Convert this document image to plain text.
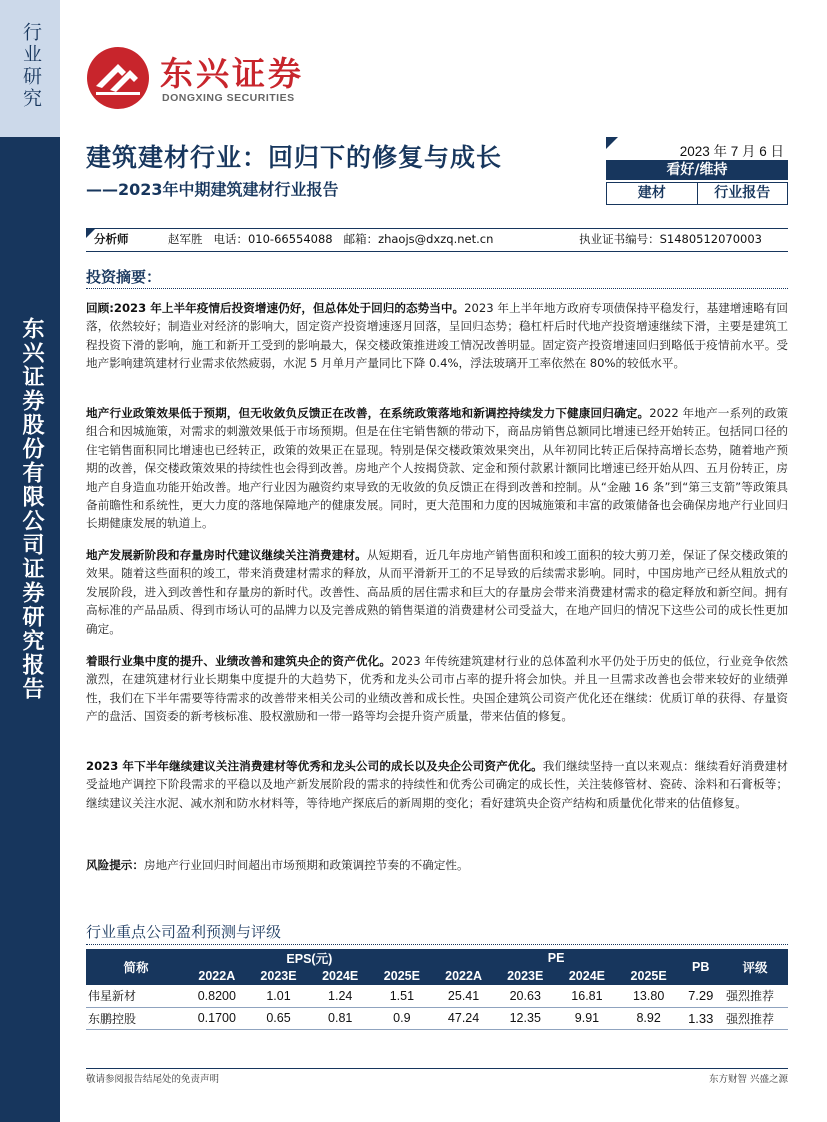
行业研究
东兴证券股份有限公司证券研究报告
东兴证券
DONGXING SECURITIES
建筑建材行业：回归下的修复与成长
——2023年中期建筑建材行业报告
2023 年 7 月 6 日
看好/维持
建材	行业报告
分析师	赵军胜   电话：010-66554088   邮箱：zhaojs@dxzq.net.cn	执业证书编号：S1480512070003
投资摘要：
回顾:2023 年上半年疫情后投资增速仍好，但总体处于回归的态势当中。2023 年上半年地方政府专项债保持平稳发行，基建增速略有回落，依然较好；制造业对经济的影响大，固定资产投资增速逐月回落，呈回归态势；稳杠杆后时代地产投资增速继续下滑，主要是建筑工程投资下滑的影响，施工和新开工受到的影响最大，保交楼政策推进竣工情况改善明显。固定资产投资增速回归到略低于疫情前水平。受地产影响建筑建材行业需求依然疲弱，水泥 5 月单月产量同比下降 0.4%，浮法玻璃开工率依然在 80%的较低水平。
地产行业政策效果低于预期，但无收敛负反馈正在改善，在系统政策落地和新调控持续发力下健康回归确定。2022 年地产一系列的政策组合和因城施策，对需求的刺激效果低于市场预期。但是在住宅销售额的带动下，商品房销售总额同比增速已经开始转正。包括同口径的住宅销售面积同比增速也已经转正，政策的效果正在显现。特别是保交楼政策效果突出，从年初同比转正后保持高增长态势，随着地产预期的改善，保交楼政策效果的持续性也会得到改善。房地产个人按揭贷款、定金和预付款累计额同比增速已经开始从四、五月份转正，房地产自身造血功能开始改善。地产行业因为融资约束导致的无收敛的负反馈正在得到改善和控制。从“金融 16 条”到“第三支箭”等政策具备前瞻性和系统性，更大力度的落地保障地产的健康发展。同时，更大范围和力度的因城施策和丰富的政策储备也会确保房地产行业回归长期健康发展的轨道上。
地产发展新阶段和存量房时代建议继续关注消费建材。从短期看，近几年房地产销售面积和竣工面积的较大剪刀差，保证了保交楼政策的效果。随着这些面积的竣工，带来消费建材需求的释放，从而平滑新开工的不足导致的后续需求影响。同时，中国房地产已经从粗放式的发展阶段，进入到改善性和存量房的新时代。改善性、高品质的居住需求和巨大的存量房会带来消费建材需求的稳定释放和新空间。拥有高标准的产品品质、得到市场认可的品牌力以及完善成熟的销售渠道的消费建材公司受益大，在地产回归的情况下这些公司的成长性更加确定。
着眼行业集中度的提升、业绩改善和建筑央企的资产优化。2023 年传统建筑建材行业的总体盈利水平仍处于历史的低位，行业竞争依然激烈，在建筑建材行业长期集中度提升的大趋势下，优秀和龙头公司市占率的提升将会加快。并且一旦需求改善也会带来较好的业绩弹性，我们在下半年需要等待需求的改善带来相关公司的业绩改善和成长性。央国企建筑公司资产优化还在继续：优质订单的获得、存量资产的盘活、国资委的新考核标准、股权激励和一带一路等均会提升资产质量，带来估值的修复。
2023 年下半年继续建议关注消费建材等优秀和龙头公司的成长以及央企公司资产优化。我们继续坚持一直以来观点：继续看好消费建材受益地产调控下阶段需求的平稳以及地产新发展阶段的需求的持续性和优秀公司确定的成长性，关注装修管材、瓷砖、涂料和石膏板等；继续建议关注水泥、减水剂和防水材料等，等待地产探底后的新周期的变化；看好建筑央企资产结构和质量优化带来的估值修复。
风险提示：房地产行业回归时间超出市场预期和政策调控节奏的不确定性。
行业重点公司盈利预测与评级
简称	EPS(元)				PE				PB	评级
	2022A	2023E	2024E	2025E	2022A	2023E	2024E	2025E		
伟星新材	0.8200	1.01	1.24	1.51	25.41	20.63	16.81	13.80	7.29	强烈推荐
东鹏控股	0.1700	0.65	0.81	0.9	47.24	12.35	9.91	8.92	1.33	强烈推荐
敬请参阅报告结尾处的免责声明	东方财智 兴盛之源
